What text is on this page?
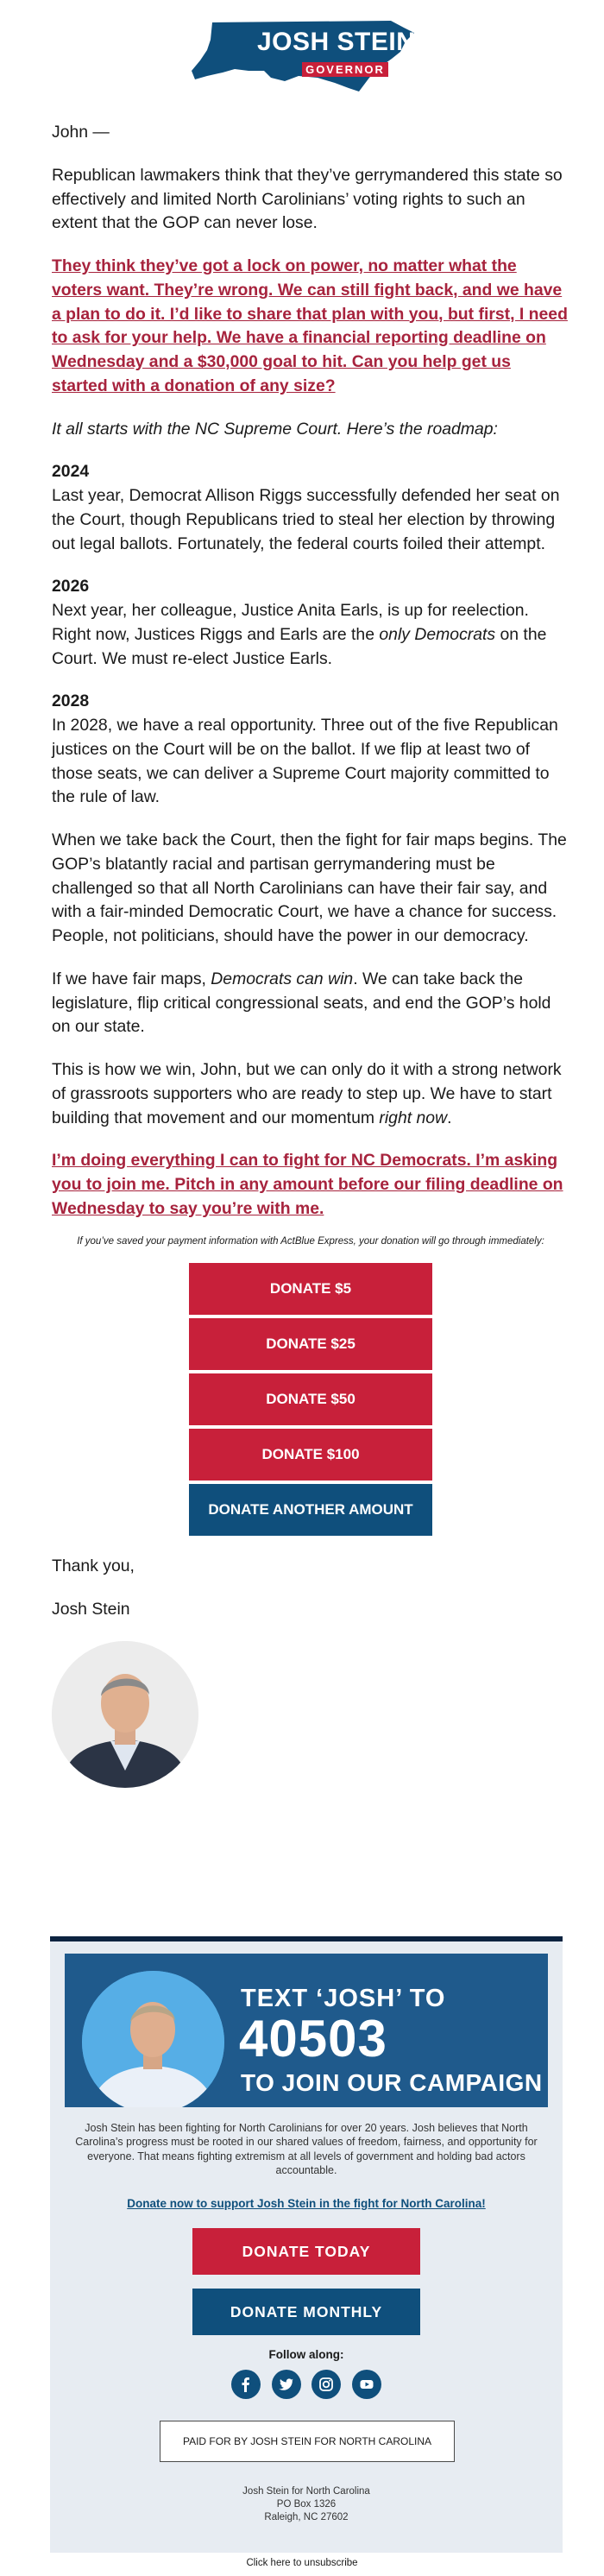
JOSH STEIN
GOVERNOR

John —

Republican lawmakers think that they’ve gerrymandered this state so effectively and limited North Carolinians’ voting rights to such an extent that the GOP can never lose.

They think they’ve got a lock on power, no matter what the voters want. They’re wrong. We can still fight back, and we have a plan to do it. I’d like to share that plan with you, but first, I need to ask for your help. We have a financial reporting deadline on Wednesday and a $30,000 goal to hit. Can you help get us started with a donation of any size?

It all starts with the NC Supreme Court. Here’s the roadmap:

2024
Last year, Democrat Allison Riggs successfully defended her seat on the Court, though Republicans tried to steal her election by throwing out legal ballots. Fortunately, the federal courts foiled their attempt.

2026
Next year, her colleague, Justice Anita Earls, is up for reelection. Right now, Justices Riggs and Earls are the only Democrats on the Court. We must re-elect Justice Earls.

2028
In 2028, we have a real opportunity. Three out of the five Republican justices on the Court will be on the ballot. If we flip at least two of those seats, we can deliver a Supreme Court majority committed to the rule of law.

When we take back the Court, then the fight for fair maps begins. The GOP’s blatantly racial and partisan gerrymandering must be challenged so that all North Carolinians can have their fair say, and with a fair-minded Democratic Court, we have a chance for success. People, not politicians, should have the power in our democracy.

If we have fair maps, Democrats can win. We can take back the legislature, flip critical congressional seats, and end the GOP’s hold on our state.

This is how we win, John, but we can only do it with a strong network of grassroots supporters who are ready to step up. We have to start building that movement and our momentum right now.

I’m doing everything I can to fight for NC Democrats. I’m asking you to join me. Pitch in any amount before our filing deadline on Wednesday to say you’re with me.

If you’ve saved your payment information with ActBlue Express, your donation will go through immediately:

DONATE $5
DONATE $25
DONATE $50
DONATE $100
DONATE ANOTHER AMOUNT

Thank you,

Josh Stein

TEXT ‘JOSH’ TO
40503
TO JOIN OUR CAMPAIGN
Josh Stein has been fighting for North Carolinians for over 20 years. Josh believes that North Carolina’s progress must be rooted in our shared values of freedom, fairness, and opportunity for everyone. That means fighting extremism at all levels of government and holding bad actors accountable.
Donate now to support Josh Stein in the fight for North Carolina!
DONATE TODAY
DONATE MONTHLY
Follow along:
PAID FOR BY JOSH STEIN FOR NORTH CAROLINA
Josh Stein for North Carolina
PO Box 1326
Raleigh, NC 27602
Click here to unsubscribe
